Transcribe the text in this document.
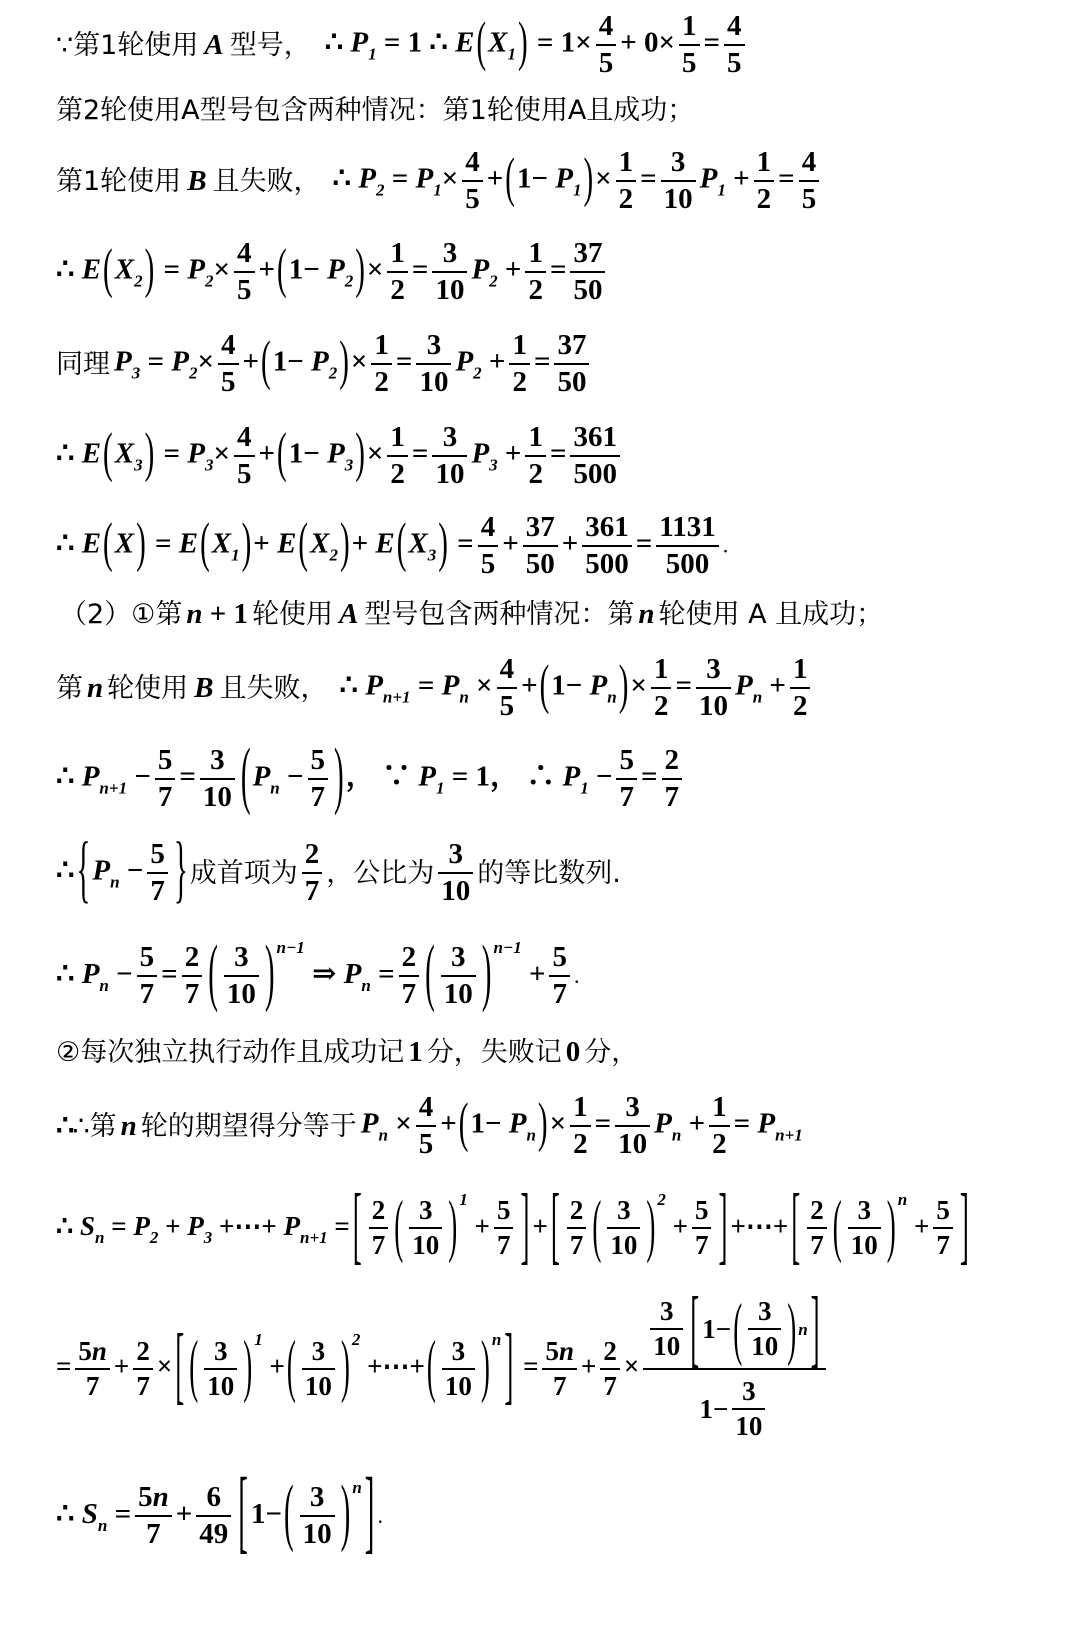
∵第1轮使用 A 型号， ∴ $P_1 = 1$ ∴ $E(X_1) = 1\times \frac{4}{5} + 0\times \frac{1}{5} = \frac{4}{5}$
第2轮使用A型号包含两种情况：第1轮使用A且成功；
第1轮使用 B 且失败， ∴ $P_2 = P_1\times \frac{4}{5} +(1- P_1)\times \frac{1}{2} = \frac{3}{10} P_1 + \frac{1}{2} = \frac{4}{5}$
∴ $E(X_2) = P_2\times \frac{4}{5} +(1- P_2)\times \frac{1}{2} = \frac{3}{10} P_2 + \frac{1}{2} = \frac{37}{50}$
同理 $P_3 = P_2\times \frac{4}{5} +(1- P_2)\times \frac{1}{2} = \frac{3}{10} P_2 + \frac{1}{2} = \frac{37}{50}$
∴ $E(X_3) = P_3\times \frac{4}{5} +(1- P_3)\times \frac{1}{2} = \frac{3}{10} P_3 + \frac{1}{2} = \frac{361}{500}$
∴ $E(X) = E(X_1)+ E(X_2)+ E(X_3) = \frac{4}{5} + \frac{37}{50} + \frac{361}{500} = \frac{1131}{500}$ .
（2）①第 n + 1 轮使用 A 型号包含两种情况：第 n 轮使用 A 且成功；
第 n 轮使用 B 且失败， ∴ $P_{n+1} = P_n \times \frac{4}{5} +(1- P_n)\times \frac{1}{2} = \frac{3}{10} P_n + \frac{1}{2}$
∴ $P_{n+1} - \frac{5}{7} = \frac{3}{10} (P_n - \frac{5}{7}$ )， ∵ $P_1 = 1$， ∴ $P_1 - \frac{5}{7} = \frac{2}{7}$
$\therefore\{P_n - \frac{5}{7}$ } 成首项为 $\frac{2}{7}$ ，公比为 $\frac{3}{10}$ 的等比数列.
∴ $P_n - \frac{5}{7} = \frac{2}{7}$ ( $\frac{3}{10}$ ) $^{n-1}$ ⇒ $P_n = \frac{2}{7}$ ( $\frac{3}{10}$ ) $^{n-1} + \frac{5}{7}$ .
②每次独立执行动作且成功记 1 分，失败记 0 分，
∴
∴第 n 轮的期望得分等于 $P_n \times \frac{4}{5} +(1- P_n)\times \frac{1}{2} = \frac{3}{10} P_n + \frac{1}{2} = P_{n+1}$
∴ $S_n = P_2 + P_3$ +⋯+ $P_{n+1}$ = [ $\frac{2}{7}$ ( $\frac{3}{10}$ ) $^1 + \frac{5}{7}$ ] + [ $\frac{2}{7}$ ( $\frac{3}{10}$ ) $^2 + \frac{5}{7}$ ] +⋯+ [ $\frac{2}{7}$ ( $\frac{3}{10}$ ) $^n + \frac{5}{7}$ ]
= $\frac{5n}{7} + \frac{2}{7}$ × [ ( $\frac{3}{10}$ ) $^1$ +( $\frac{3}{10}$ ) $^2$ +⋯+( $\frac{3}{10}$ ) $^n$ ] = $\frac{5n}{7} + \frac{2}{7} \times \frac{\frac{3}{10} [ 1- ( \frac{3}{10} ) n ]}{1- \frac{3}{10}}$
∴ $S_n = \frac{5n}{7} + \frac{6}{49}$ [ $1-( \frac{3}{10}$ ) $^n$ ] .
